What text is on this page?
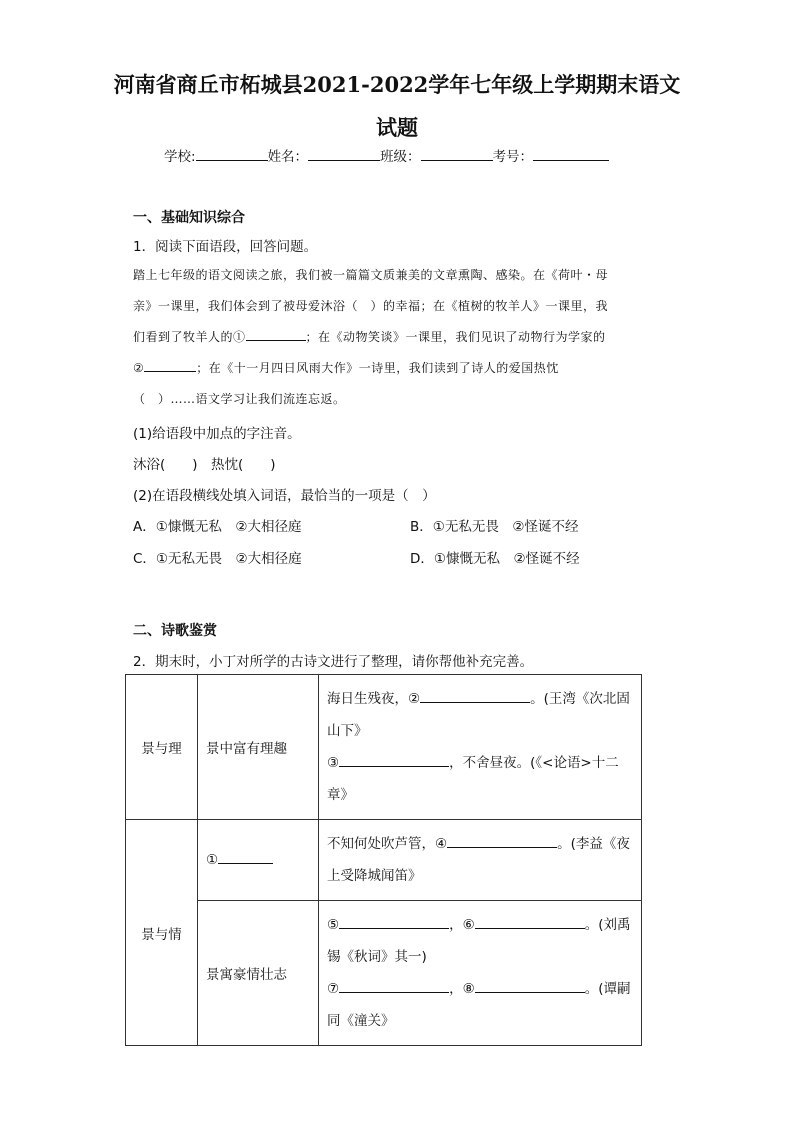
河南省商丘市柘城县2021-2022学年七年级上学期期末语文
试题
学校:	姓名：	班级：	考号：
一、基础知识综合
1．阅读下面语段，回答问题。
踏上七年级的语文阅读之旅，我们被一篇篇文质兼美的文章熏陶、感染。在《荷叶・母
亲》一课里，我们体会到了被母爱沐浴（　）的幸福；在《植树的牧羊人》一课里，我
们看到了牧羊人的①	；在《动物笑谈》一课里，我们见识了动物行为学家的
②	；在《十一月四日风雨大作》一诗里，我们读到了诗人的爱国热忱
（　）……语文学习让我们流连忘返。
(1)给语段中加点的字注音。
沐浴(　　)　热忱(　　)
(2)在语段横线处填入词语，最恰当的一项是（　）
A．①慷慨无私　②大相径庭	B．①无私无畏　②怪诞不经
C．①无私无畏　②大相径庭	D．①慷慨无私　②怪诞不经
二、诗歌鉴赏
2．期末时，小丁对所学的古诗文进行了整理，请你帮他补充完善。
景与理	景中富有理趣	海日生残夜，② 。(王湾《次北固山下》
③ ，不舍昼夜。(《<论语>十二章》

景与情	①	不知何处吹芦管，④ 。(李益《夜上受降城闻笛》

	景寓豪情壮志	⑤ ，⑥ 。(刘禹锡《秋词》其一)
⑦ ，⑧ 。(谭嗣同《潼关》
